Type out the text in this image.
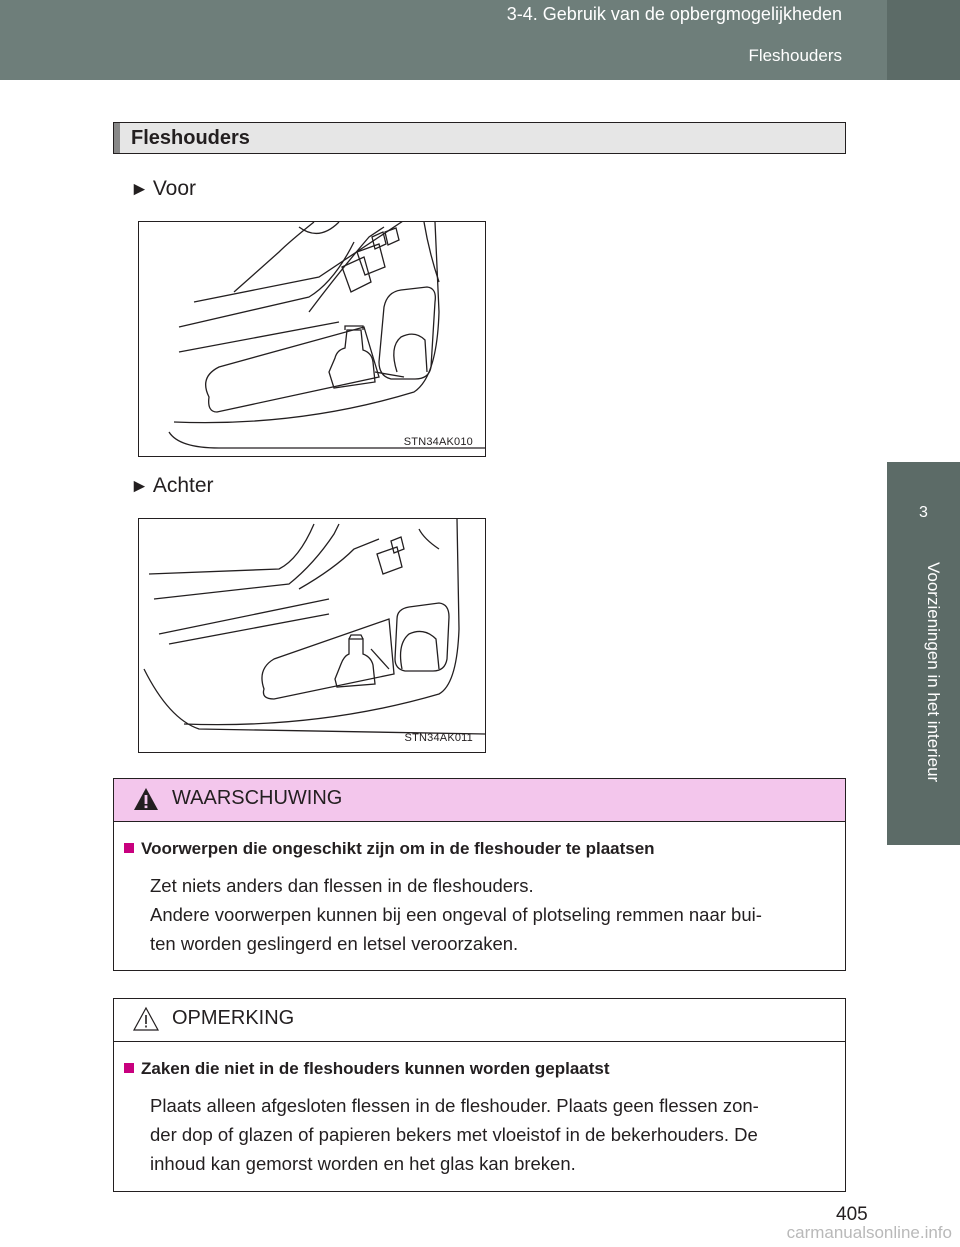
3-4. Gebruik van de opbergmogelijkheden
Fleshouders
3
Voorzieningen in het interieur
Fleshouders
► Voor
STN34AK010
► Achter
STN34AK011
WAARSCHUWING
Voorwerpen die ongeschikt zijn om in de fleshouder te plaatsen
Zet niets anders dan flessen in de fleshouders.
Andere voorwerpen kunnen bij een ongeval of plotseling remmen naar bui-
ten worden geslingerd en letsel veroorzaken.
OPMERKING
Zaken die niet in de fleshouders kunnen worden geplaatst
Plaats alleen afgesloten flessen in de fleshouder. Plaats geen flessen zon-
der dop of glazen of papieren bekers met vloeistof in de bekerhouders. De
inhoud kan gemorst worden en het glas kan breken.
405
carmanualsonline.info
